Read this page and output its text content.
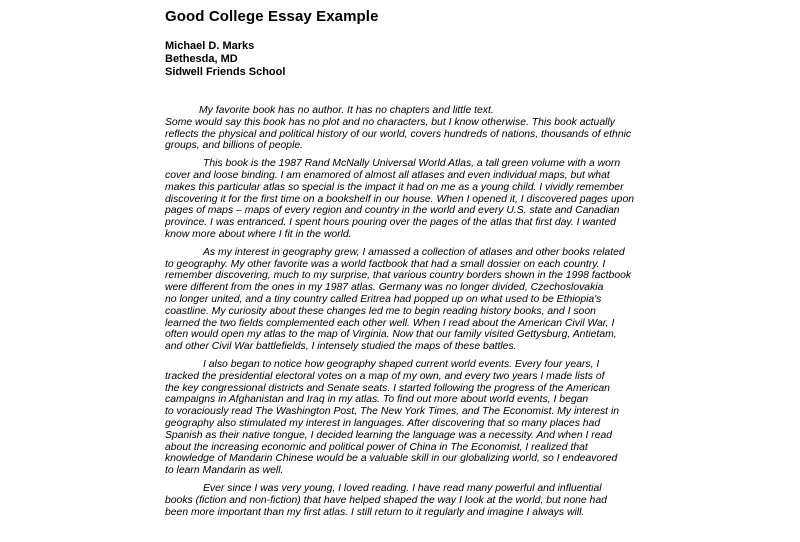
Good College Essay Example
Michael D. Marks
Bethesda, MD
Sidwell Friends School

My favorite book has no author. It has no chapters and little text.
Some would say this book has no plot and no characters, but I know otherwise. This book actually
reflects the physical and political history of our world, covers hundreds of nations, thousands of ethnic
groups, and billions of people.

This book is the 1987 Rand McNally Universal World Atlas, a tall green volume with a worn
cover and loose binding. I am enamored of almost all atlases and even individual maps, but what
makes this particular atlas so special is the impact it had on me as a young child. I vividly remember
discovering it for the first time on a bookshelf in our house. When I opened it, I discovered pages upon
pages of maps – maps of every region and country in the world and every U.S. state and Canadian
province. I was entranced. I spent hours pouring over the pages of the atlas that first day. I wanted
know more about where I fit in the world.

As my interest in geography grew, I amassed a collection of atlases and other books related
to geography. My other favorite was a world factbook that had a small dossier on each country. I
remember discovering, much to my surprise, that various country borders shown in the 1998 factbook
were different from the ones in my 1987 atlas. Germany was no longer divided, Czechoslovakia
no longer united, and a tiny country called Eritrea had popped up on what used to be Ethiopia's
coastline. My curiosity about these changes led me to begin reading history books, and I soon
learned the two fields complemented each other well. When I read about the American Civil War, I
often would open my atlas to the map of Virginia. Now that our family visited Gettysburg, Antietam,
and other Civil War battlefields, I intensely studied the maps of these battles.

I also began to notice how geography shaped current world events. Every four years, I
tracked the presidential electoral votes on a map of my own, and every two years I made lists of
the key congressional districts and Senate seats. I started following the progress of the American
campaigns in Afghanistan and Iraq in my atlas. To find out more about world events, I began
to voraciously read The Washington Post, The New York Times, and The Economist. My interest in
geography also stimulated my interest in languages. After discovering that so many places had
Spanish as their native tongue, I decided learning the language was a necessity. And when I read
about the increasing economic and political power of China in The Economist, I realized that
knowledge of Mandarin Chinese would be a valuable skill in our globalizing world, so I endeavored
to learn Mandarin as well.

Ever since I was very young, I loved reading. I have read many powerful and influential
books (fiction and non-fiction) that have helped shaped the way I look at the world, but none had
been more important than my first atlas. I still return to it regularly and imagine I always will.
